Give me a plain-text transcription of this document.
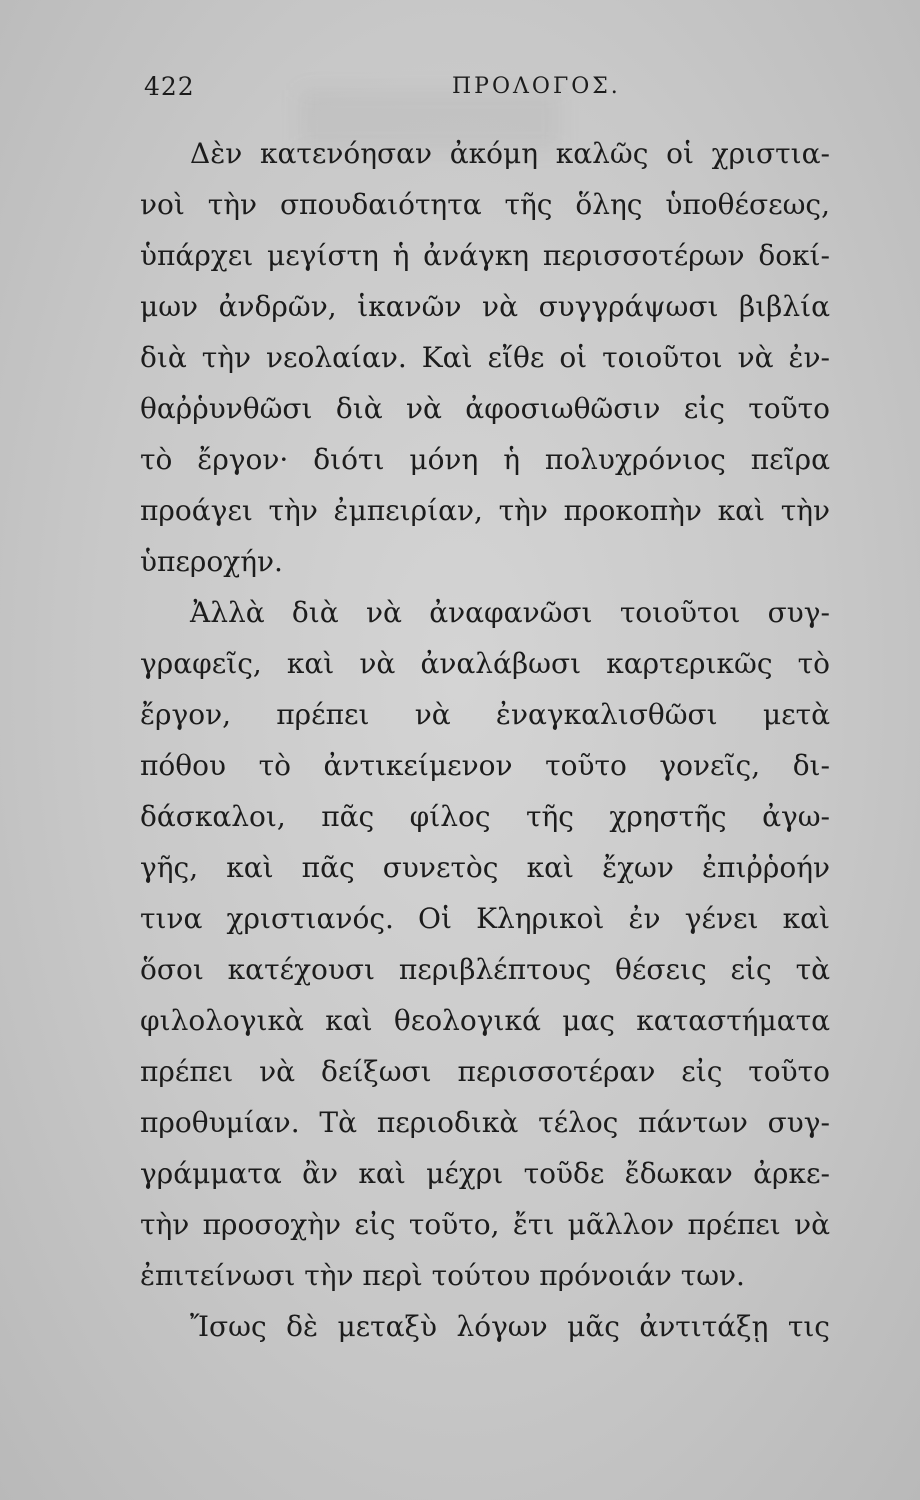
422	ΠΡΟΛΟΓΟΣ.
Δὲν κατενόησαν ἀκόμη καλῶς οἱ χριστια-
νοὶ τὴν σπουδαιότητα τῆς ὅλης ὑποθέσεως,
ὑπάρχει μεγίστη ἡ ἀνάγκη περισσοτέρων δοκί-
μων ἀνδρῶν, ἱκανῶν νὰ συγγράψωσι βιβλία
διὰ τὴν νεολαίαν. Καὶ εἴθε οἱ τοιοῦτοι νὰ ἐν-
θαῤῥυνθῶσι διὰ νὰ ἀφοσιωθῶσιν εἰς τοῦτο
τὸ ἔργον· διότι μόνη ἡ πολυχρόνιος πεῖρα
προάγει τὴν ἐμπειρίαν, τὴν προκοπὴν καὶ τὴν
ὑπεροχήν.
Ἀλλὰ διὰ νὰ ἀναφανῶσι τοιοῦτοι συγ-
γραφεῖς, καὶ νὰ ἀναλάβωσι καρτερικῶς τὸ
ἔργον, πρέπει νὰ ἐναγκαλισθῶσι μετὰ
πόθου τὸ ἀντικείμενον τοῦτο γονεῖς, δι-
δάσκαλοι, πᾶς φίλος τῆς χρηστῆς ἀγω-
γῆς, καὶ πᾶς συνετὸς καὶ ἔχων ἐπιῤῥοήν
τινα χριστιανός. Οἱ Κληρικοὶ ἐν γένει καὶ
ὅσοι κατέχουσι περιβλέπτους θέσεις εἰς τὰ
φιλολογικὰ καὶ θεολογικά μας καταστήματα
πρέπει νὰ δείξωσι περισσοτέραν εἰς τοῦτο
προθυμίαν. Τὰ περιοδικὰ τέλος πάντων συγ-
γράμματα ἂν καὶ μέχρι τοῦδε ἔδωκαν ἀρκε-
τὴν προσοχὴν εἰς τοῦτο, ἔτι μᾶλλον πρέπει νὰ
ἐπιτείνωσι τὴν περὶ τούτου πρόνοιάν των.
Ἴσως δὲ μεταξὺ λόγων μᾶς ἀντιτάξῃ τις
